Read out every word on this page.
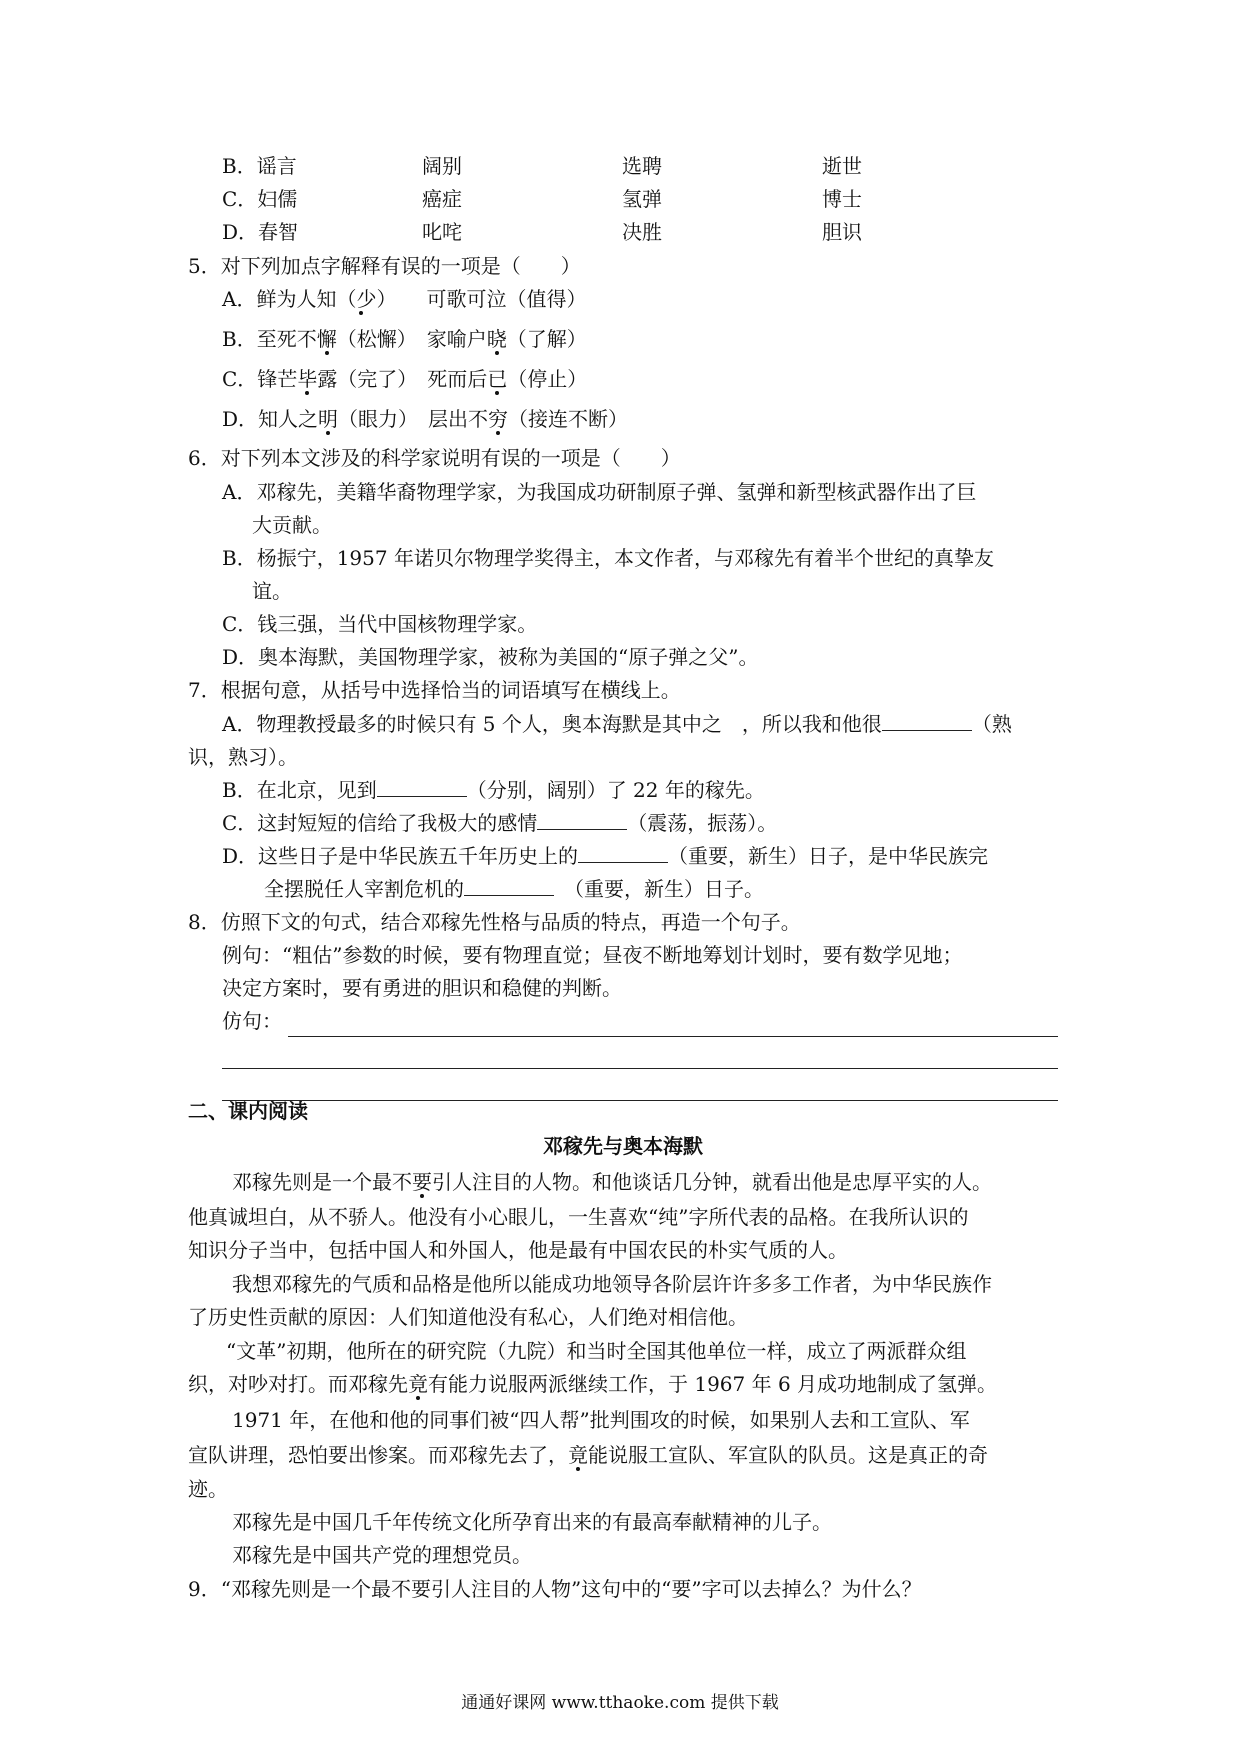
B．谣言	阔别	选聘	逝世
C．妇儒	癌症	氢弹	博士
D．春智	叱咤	决胜	胆识
5．对下列加点字解释有误的一项是（　　）
A．鲜为人知（少）　　可歌可泣（值得）
B．至死不懈（松懈）　家喻户晓（了解）
C．锋芒毕露（完了）　死而后已（停止）
D．知人之明（眼力）　层出不穷（接连不断）
6．对下列本文涉及的科学家说明有误的一项是（　　）
A．邓稼先，美籍华裔物理学家，为我国成功研制原子弹、氢弹和新型核武器作出了巨
大贡献。
B．杨振宁，1957 年诺贝尔物理学奖得主，本文作者，与邓稼先有着半个世纪的真挚友
谊。
C．钱三强，当代中国核物理学家。
D．奥本海默，美国物理学家，被称为美国的“原子弹之父”。
7．根据句意，从括号中选择恰当的词语填写在横线上。
A．物理教授最多的时候只有 5 个人，奥本海默是其中之　，所以我和他很	（熟
识，熟习）。
B．在北京，见到	（分别，阔别）了 22 年的稼先。
C．这封短短的信给了我极大的感情	（震荡，振荡）。
D．这些日子是中华民族五千年历史上的	（重要，新生）日子，是中华民族完
全摆脱任人宰割危机的	　（重要，新生）日子。
8．仿照下文的句式，结合邓稼先性格与品质的特点，再造一个句子。
例句：“粗估”参数的时候，要有物理直觉；昼夜不断地筹划计划时，要有数学见地；
决定方案时，要有勇进的胆识和稳健的判断。
仿句：
二、课内阅读
邓稼先与奥本海默
邓稼先则是一个最不要引人注目的人物。和他谈话几分钟，就看出他是忠厚平实的人。
他真诚坦白，从不骄人。他没有小心眼儿，一生喜欢“纯”字所代表的品格。在我所认识的
知识分子当中，包括中国人和外国人，他是最有中国农民的朴实气质的人。
我想邓稼先的气质和品格是他所以能成功地领导各阶层许许多多工作者，为中华民族作
了历史性贡献的原因：人们知道他没有私心，人们绝对相信他。
“文革”初期，他所在的研究院（九院）和当时全国其他单位一样，成立了两派群众组
织，对吵对打。而邓稼先竟有能力说服两派继续工作，于 1967 年 6 月成功地制成了氢弹。
1971 年，在他和他的同事们被“四人帮”批判围攻的时候，如果别人去和工宣队、军
宣队讲理，恐怕要出惨案。而邓稼先去了，竟能说服工宣队、军宣队的队员。这是真正的奇
迹。
邓稼先是中国几千年传统文化所孕育出来的有最高奉献精神的儿子。
邓稼先是中国共产党的理想党员。
9．“邓稼先则是一个最不要引人注目的人物”这句中的“要”字可以去掉么？为什么？
通通好课网 www.tthaoke.com 提供下载
